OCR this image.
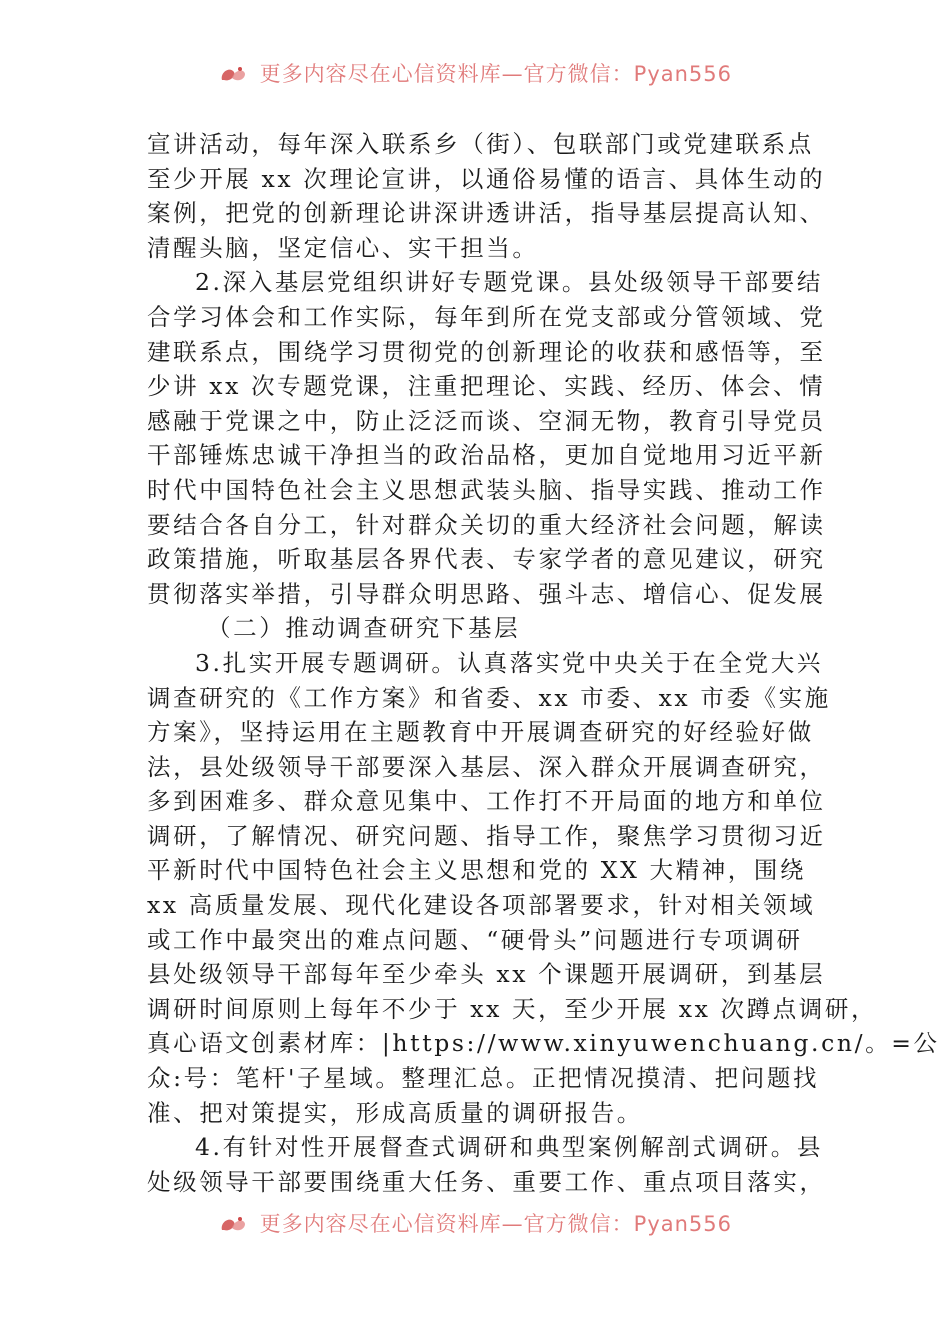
更多内容尽在心信资料库—官方微信：Pyan556
宣讲活动，每年深入联系乡（街）、包联部门或党建联系点
至少开展 xx 次理论宣讲，以通俗易懂的语言、具体生动的
案例，把党的创新理论讲深讲透讲活，指导基层提高认知、
清醒头脑，坚定信心、实干担当。
2.深入基层党组织讲好专题党课。县处级领导干部要结
合学习体会和工作实际，每年到所在党支部或分管领域、党
建联系点，围绕学习贯彻党的创新理论的收获和感悟等，至
少讲 xx 次专题党课，注重把理论、实践、经历、体会、情
感融于党课之中，防止泛泛而谈、空洞无物，教育引导党员
干部锤炼忠诚干净担当的政治品格，更加自觉地用习近平新
时代中国特色社会主义思想武装头脑、指导实践、推动工作
要结合各自分工，针对群众关切的重大经济社会问题，解读
政策措施，听取基层各界代表、专家学者的意见建议，研究
贯彻落实举措，引导群众明思路、强斗志、增信心、促发展
（二）推动调查研究下基层
3.扎实开展专题调研。认真落实党中央关于在全党大兴
调查研究的《工作方案》和省委、xx 市委、xx 市委《实施
方案》，坚持运用在主题教育中开展调查研究的好经验好做
法，县处级领导干部要深入基层、深入群众开展调查研究，
多到困难多、群众意见集中、工作打不开局面的地方和单位
调研，了解情况、研究问题、指导工作，聚焦学习贯彻习近
平新时代中国特色社会主义思想和党的 XX 大精神，围绕
xx 高质量发展、现代化建设各项部署要求，针对相关领域
或工作中最突出的难点问题、“硬骨头”问题进行专项调研
县处级领导干部每年至少牵头 xx 个课题开展调研，到基层
调研时间原则上每年不少于 xx 天，至少开展 xx 次蹲点调研，
真心语文创素材库：|https://www.xinyuwenchuang.cn/。=公
众:号：笔杆'子星域。整理汇总。正把情况摸清、把问题找
准、把对策提实，形成高质量的调研报告。
4.有针对性开展督查式调研和典型案例解剖式调研。县
处级领导干部要围绕重大任务、重要工作、重点项目落实，
更多内容尽在心信资料库—官方微信：Pyan556
